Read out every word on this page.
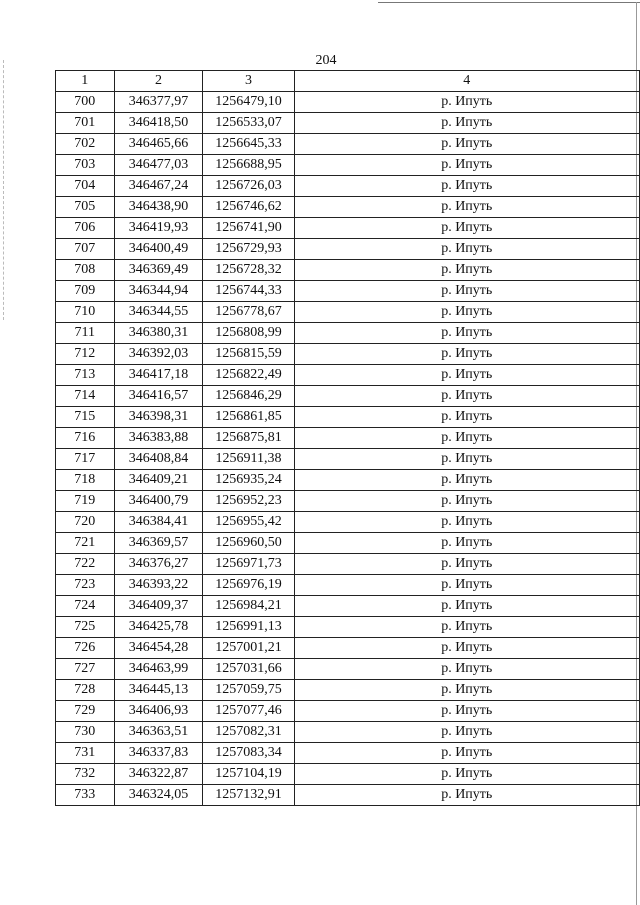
204
1	2	3	4
700	346377,97	1256479,10	р. Ипуть
701	346418,50	1256533,07	р. Ипуть
702	346465,66	1256645,33	р. Ипуть
703	346477,03	1256688,95	р. Ипуть
704	346467,24	1256726,03	р. Ипуть
705	346438,90	1256746,62	р. Ипуть
706	346419,93	1256741,90	р. Ипуть
707	346400,49	1256729,93	р. Ипуть
708	346369,49	1256728,32	р. Ипуть
709	346344,94	1256744,33	р. Ипуть
710	346344,55	1256778,67	р. Ипуть
711	346380,31	1256808,99	р. Ипуть
712	346392,03	1256815,59	р. Ипуть
713	346417,18	1256822,49	р. Ипуть
714	346416,57	1256846,29	р. Ипуть
715	346398,31	1256861,85	р. Ипуть
716	346383,88	1256875,81	р. Ипуть
717	346408,84	1256911,38	р. Ипуть
718	346409,21	1256935,24	р. Ипуть
719	346400,79	1256952,23	р. Ипуть
720	346384,41	1256955,42	р. Ипуть
721	346369,57	1256960,50	р. Ипуть
722	346376,27	1256971,73	р. Ипуть
723	346393,22	1256976,19	р. Ипуть
724	346409,37	1256984,21	р. Ипуть
725	346425,78	1256991,13	р. Ипуть
726	346454,28	1257001,21	р. Ипуть
727	346463,99	1257031,66	р. Ипуть
728	346445,13	1257059,75	р. Ипуть
729	346406,93	1257077,46	р. Ипуть
730	346363,51	1257082,31	р. Ипуть
731	346337,83	1257083,34	р. Ипуть
732	346322,87	1257104,19	р. Ипуть
733	346324,05	1257132,91	р. Ипуть
